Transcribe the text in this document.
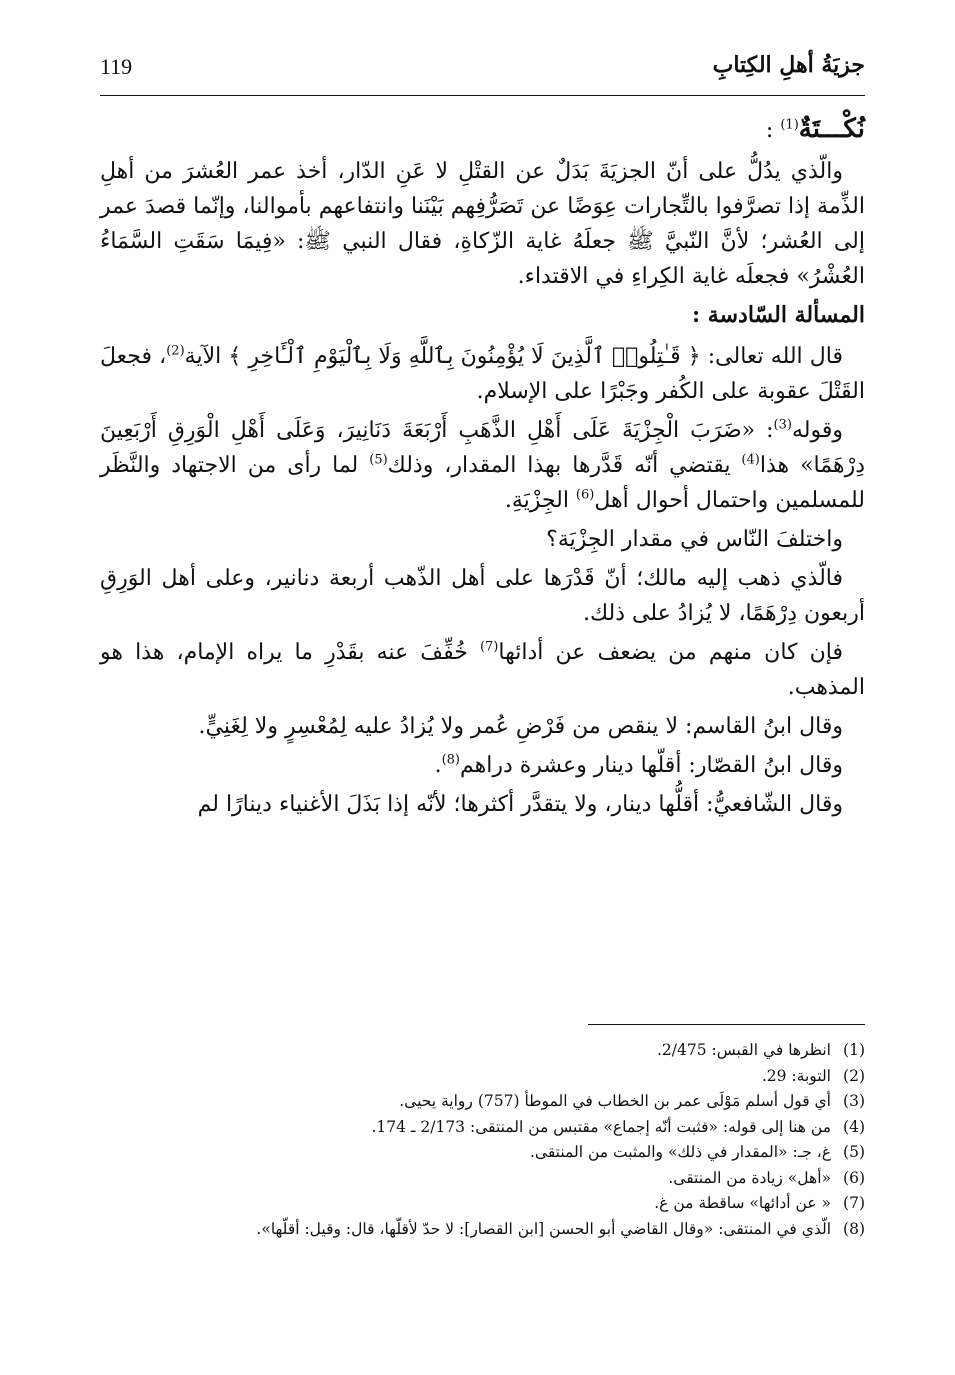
119	جزيَةُ أهلِ الكِتابِ
نُكْـــتَةٌ$^{(1)}$ :

والّذي يدُلُّ على أنّ الجزيَةَ بَدَلٌ عن القتْلِ لا عَنِ الدّار، أخذ عمر العُشرَ من أهلِ الذِّمة إذا تصرَّفوا بالتِّجارات عِوَضًا عن تَصَرُّفِهم بَيْنَنا وانتفاعهم بأموالنا، وإنّما قصدَ عمر إلى العُشر؛ لأنَّ النّبيَّ ﷺ جعلَهُ غاية الزّكاةِ، فقال النبي ﷺ: «فِيمَا سَقَتِ السَّمَاءُ العُشْرُ» فجعلَه غاية الكِراءِ في الاقتداء.

المسألة السّادسة :

قال الله تعالى: ﴿ قَـٰتِلُوا۟ ٱلَّذِينَ لَا يُؤْمِنُونَ بِٱللَّهِ وَلَا بِٱلْيَوْمِ ٱلْـَٔاخِرِ ﴾ الآية$^{(2)}$، فجعلَ القَتْلَ عقوبة على الكُفر وجَبْرًا على الإسلام.

وقوله$^{(3)}$: «ضَرَبَ الْجِزْيَةَ عَلَى أَهْلِ الذَّهَبِ أَرْبَعَةَ دَنَانِيرَ، وَعَلَى أَهْلِ الْوَرِقِ أَرْبَعِينَ دِرْهَمًا» هذا$^{(4)}$ يقتضي أنّه قَدَّرها بهذا المقدار، وذلك$^{(5)}$ لما رأى من الاجتهاد والنَّظَر للمسلمين واحتمال أحوال أهل$^{(6)}$ الجِزْيَةِ.

واختلفَ النّاس في مقدار الجِزْيَة؟

فالّذي ذهب إليه مالك؛ أنّ قَدْرَها على أهل الذّهب أربعة دنانير، وعلى أهل الوَرِقِ أربعون دِرْهَمًا، لا يُزادُ على ذلك.

فإن كان منهم من يضعف عن أدائها$^{(7)}$ خُفِّفَ عنه بقَدْرِ ما يراه الإمام، هذا هو المذهب.

وقال ابنُ القاسم: لا ينقص من فَرْضِ عُمر ولا يُزادُ عليه لِمُعْسِرٍ ولا لِغَنِيٍّ.

وقال ابنُ القصّار: أقلّها دينار وعشرة دراهم$^{(8)}$.

وقال الشّافعيُّ: أقلُّها دينار، ولا يتقدَّر أكثرها؛ لأنّه إذا بَذَلَ الأغنياء دينارًا لم

(1)انظرها في القبس: 2/475.
(2)التوبة: 29.
(3)أي قول أسلم مَوْلَى عمر بن الخطاب في الموطأ (757) رواية يحيى.
(4)من هنا إلى قوله: «فثبت أنّه إجماع» مقتبس من المنتقى: 2/173 ـ 174.
(5)غ، جـ: «المقدار في ذلك» والمثبت من المنتقى.
(6)«أهل» زيادة من المنتقى.
(7)« عن أدائها» ساقطة من غ.
(8)الّذي في المنتقى: «وقال القاضي أبو الحسن [ابن القصار]: لا حدّ لأقلّها، قال: وقيل: أقلّها».
